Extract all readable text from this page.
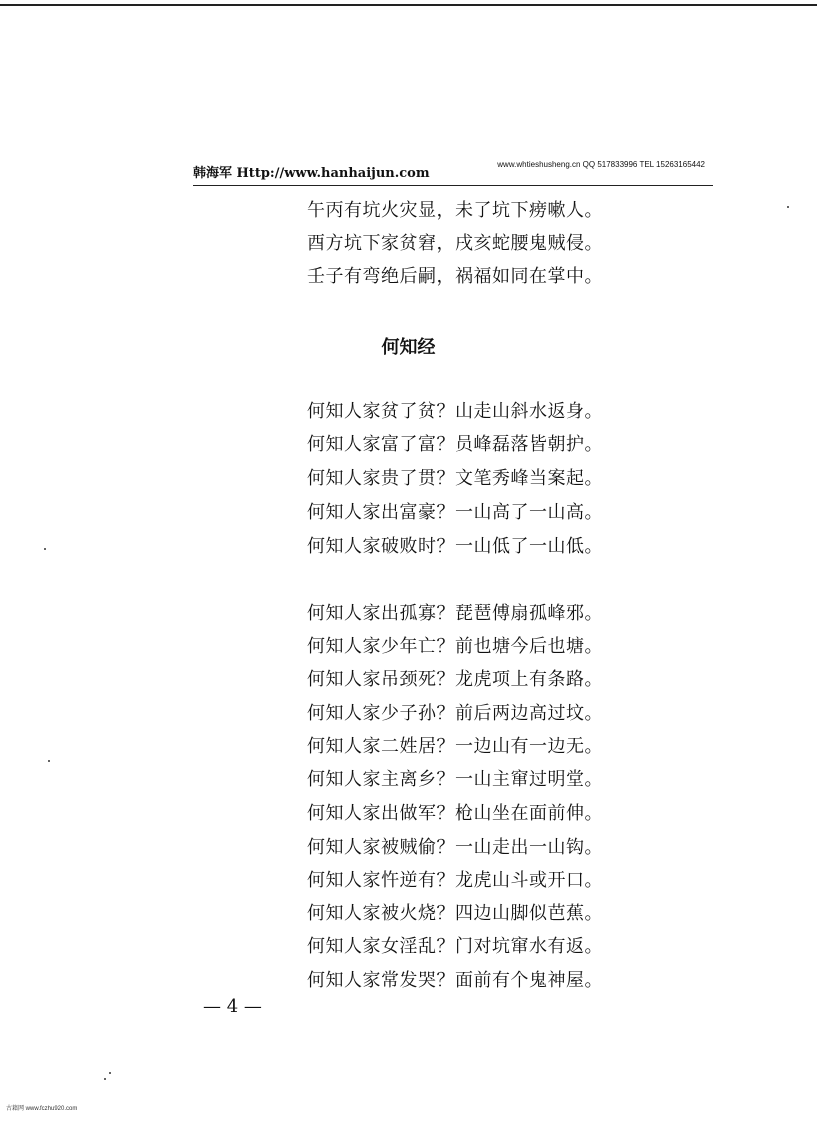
韩海军 Http://www.hanhaijun.com
www.whtieshusheng.cn QQ 517833996 TEL 15263165442
午丙有坑火灾显，未了坑下痨嗽人。
酉方坑下家贫窘，戌亥蛇腰鬼贼侵。
壬子有弯绝后嗣，祸福如同在掌中。
何知经
何知人家贫了贫？山走山斜水返身。
何知人家富了富？员峰磊落皆朝护。
何知人家贵了贯？文笔秀峰当案起。
何知人家出富豪？一山高了一山高。
何知人家破败时？一山低了一山低。
何知人家出孤寡？琵琶傅扇孤峰邪。
何知人家少年亡？前也塘今后也塘。
何知人家吊颈死？龙虎项上有条路。
何知人家少子孙？前后两边高过坟。
何知人家二姓居？一边山有一边无。
何知人家主离乡？一山主窜过明堂。
何知人家出做军？枪山坐在面前伸。
何知人家被贼偷？一山走出一山钩。
何知人家忤逆有？龙虎山斗或开口。
何知人家被火烧？四边山脚似芭蕉。
何知人家女淫乱？门对坑窜水有返。
何知人家常发哭？面前有个鬼神屋。
— 4 —
古籍网 www.fczhu920.com
